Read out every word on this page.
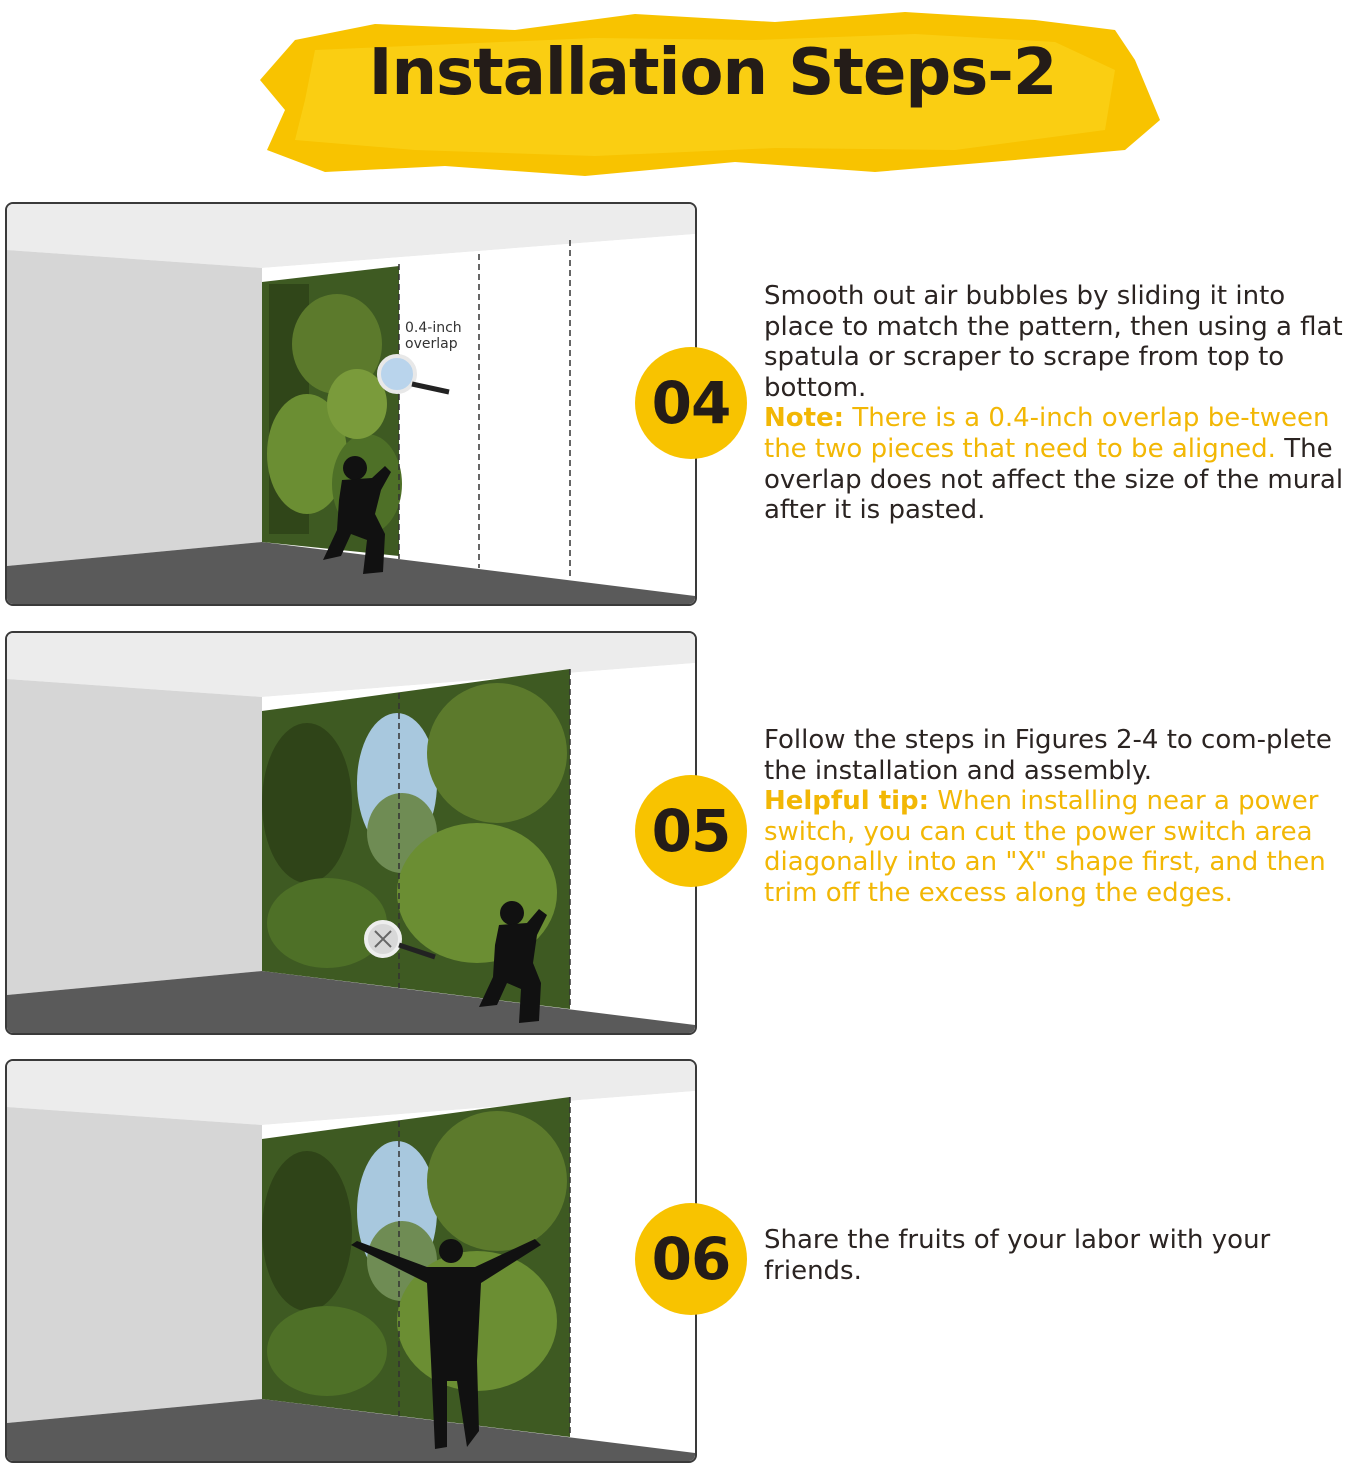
Installation Steps-2
0.4-inch overlap
04
Smooth out air bubbles by sliding it into place to match the pattern, then using a flat spatula or scraper to scrape from top to bottom.
Note: There is a 0.4-inch overlap be-tween the two pieces that need to be aligned. The overlap does not affect the size of the mural after it is pasted.
05
Follow the steps in Figures 2-4 to com-plete the installation and assembly.
Helpful tip: When installing near a power switch, you can cut the power switch area diagonally into an "X" shape first, and then trim off the excess along the edges.
06	Share the fruits of your labor with your friends.
